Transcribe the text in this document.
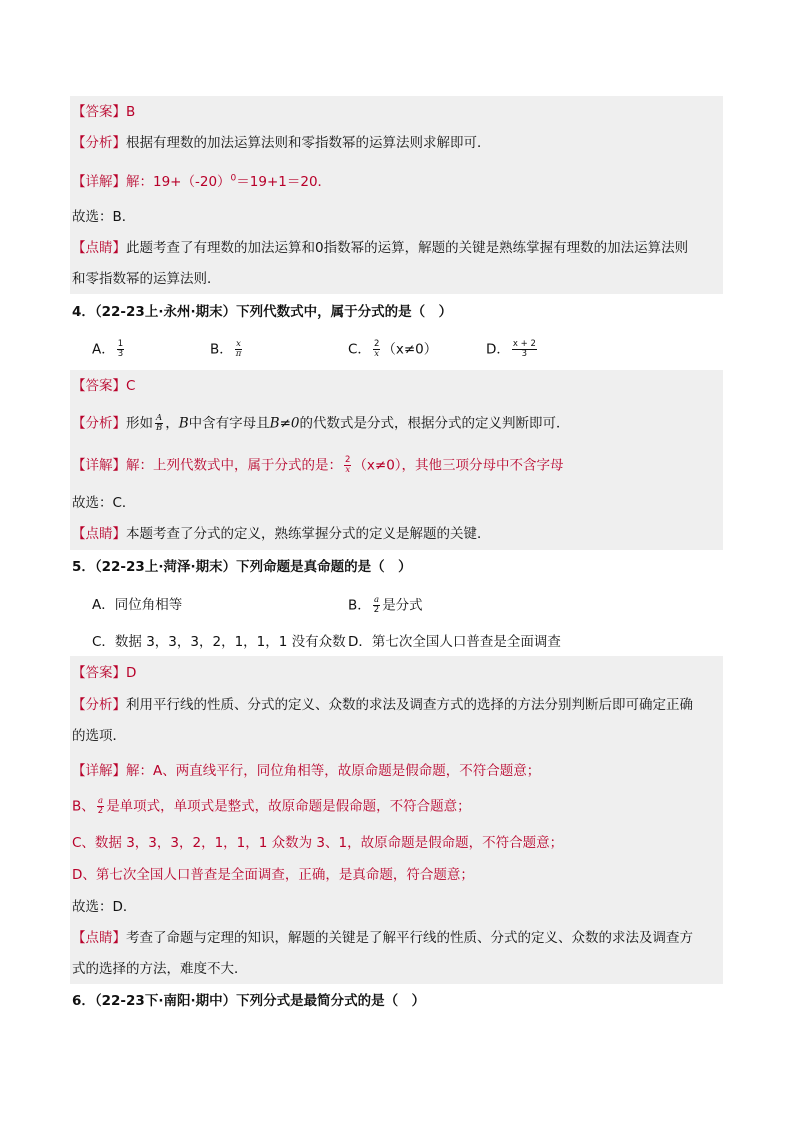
【答案】B
【分析】根据有理数的加法运算法则和零指数幂的运算法则求解即可．
【详解】解：$19+(-20)^0=19+1=20$．
故选：B．
【点睛】此题考查了有理数的加法运算和0指数幂的运算，解题的关键是熟练掌握有理数的加法运算法则
和零指数幂的运算法则．
4．（22-23上·永州·期末）下列代数式中，属于分式的是（　）
A． $\frac{1}{3}$	B． $\frac{x}{\pi}$	C． $\frac{2}{x} (x\ne 0)$	D． $\frac{x + 2}{3}$
【答案】C
【分析】形如 $\frac{A}{B}$ ，B中含有字母且B≠0的代数式是分式，根据分式的定义判断即可．
【详解】解：上列代数式中，属于分式的是： $\frac{2}{x} (x\ne 0)$，其他三项分母中不含字母
故选：C．
【点睛】本题考查了分式的定义，熟练掌握分式的定义是解题的关键．
5．（22-23上·菏泽·期末）下列命题是真命题的是（　）
A．同位角相等	B． $\frac{a}{2}$ 是分式
C．数据 3，3，3，2，1，1，1 没有众数 D．第七次全国人口普查是全面调查
【答案】D
【分析】利用平行线的性质、分式的定义、众数的求法及调查方式的选择的方法分别判断后即可确定正确
的选项．
【详解】解：A、两直线平行，同位角相等，故原命题是假命题，不符合题意；
B、 $\frac{a}{2}$ 是单项式，单项式是整式，故原命题是假命题，不符合题意；
C、数据 3，3，3，2，1，1，1 众数为 3、1，故原命题是假命题，不符合题意；
D、第七次全国人口普查是全面调查，正确，是真命题，符合题意；
故选：D．
【点睛】考查了命题与定理的知识，解题的关键是了解平行线的性质、分式的定义、众数的求法及调查方
式的选择的方法，难度不大．
6．（22-23下·南阳·期中）下列分式是最简分式的是（　）
